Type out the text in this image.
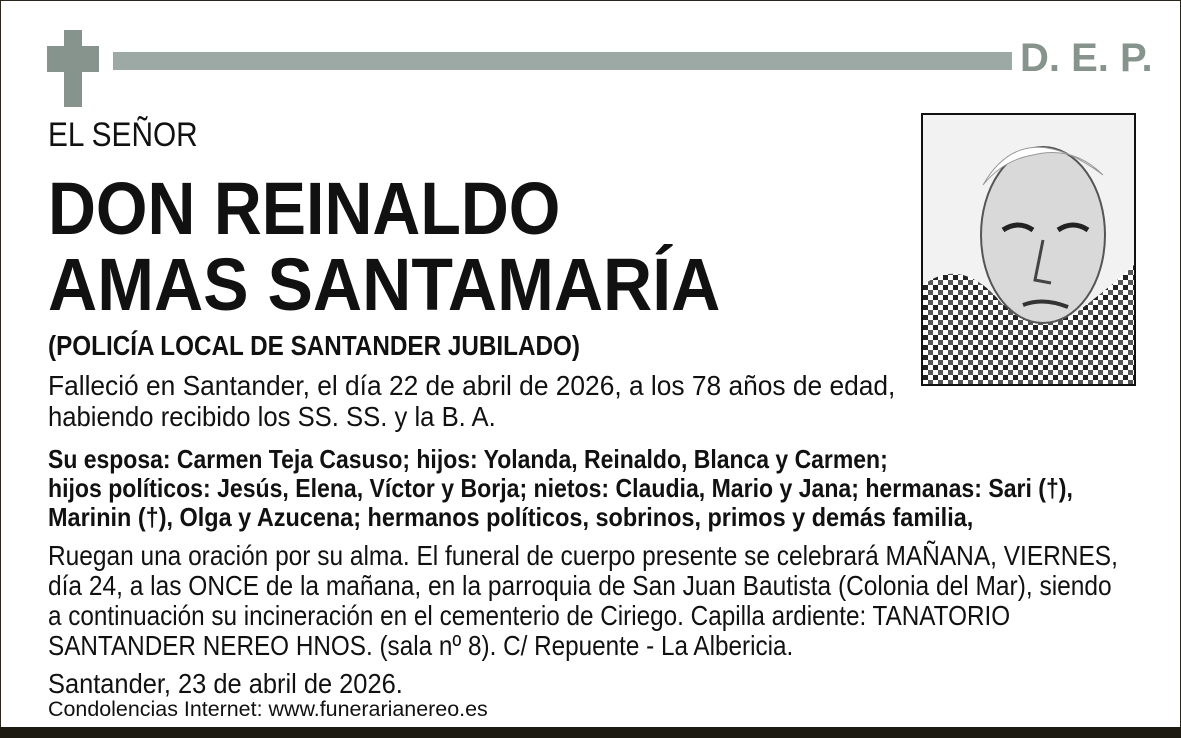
D. E. P.
EL SEÑOR
DON REINALDO
AMAS SANTAMARÍA
(POLICÍA LOCAL DE SANTANDER JUBILADO)
Falleció en Santander, el día 22 de abril de 2026, a los 78 años de edad,
habiendo recibido los SS. SS. y la B. A.
Su esposa: Carmen Teja Casuso; hijos: Yolanda, Reinaldo, Blanca y Carmen;
hijos políticos: Jesús, Elena, Víctor y Borja; nietos: Claudia, Mario y Jana; hermanas: Sari (†),
Marinin (†), Olga y Azucena; hermanos políticos, sobrinos, primos y demás familia,
Ruegan una oración por su alma. El funeral de cuerpo presente se celebrará MAÑANA, VIERNES,
día 24, a las ONCE de la mañana, en la parroquia de San Juan Bautista (Colonia del Mar), siendo
a continuación su incineración en el cementerio de Ciriego. Capilla ardiente: TANATORIO
SANTANDER NEREO HNOS. (sala nº 8). C/ Repuente - La Albericia.
Santander, 23 de abril de 2026.
Condolencias Internet: www.funerarianereo.es
